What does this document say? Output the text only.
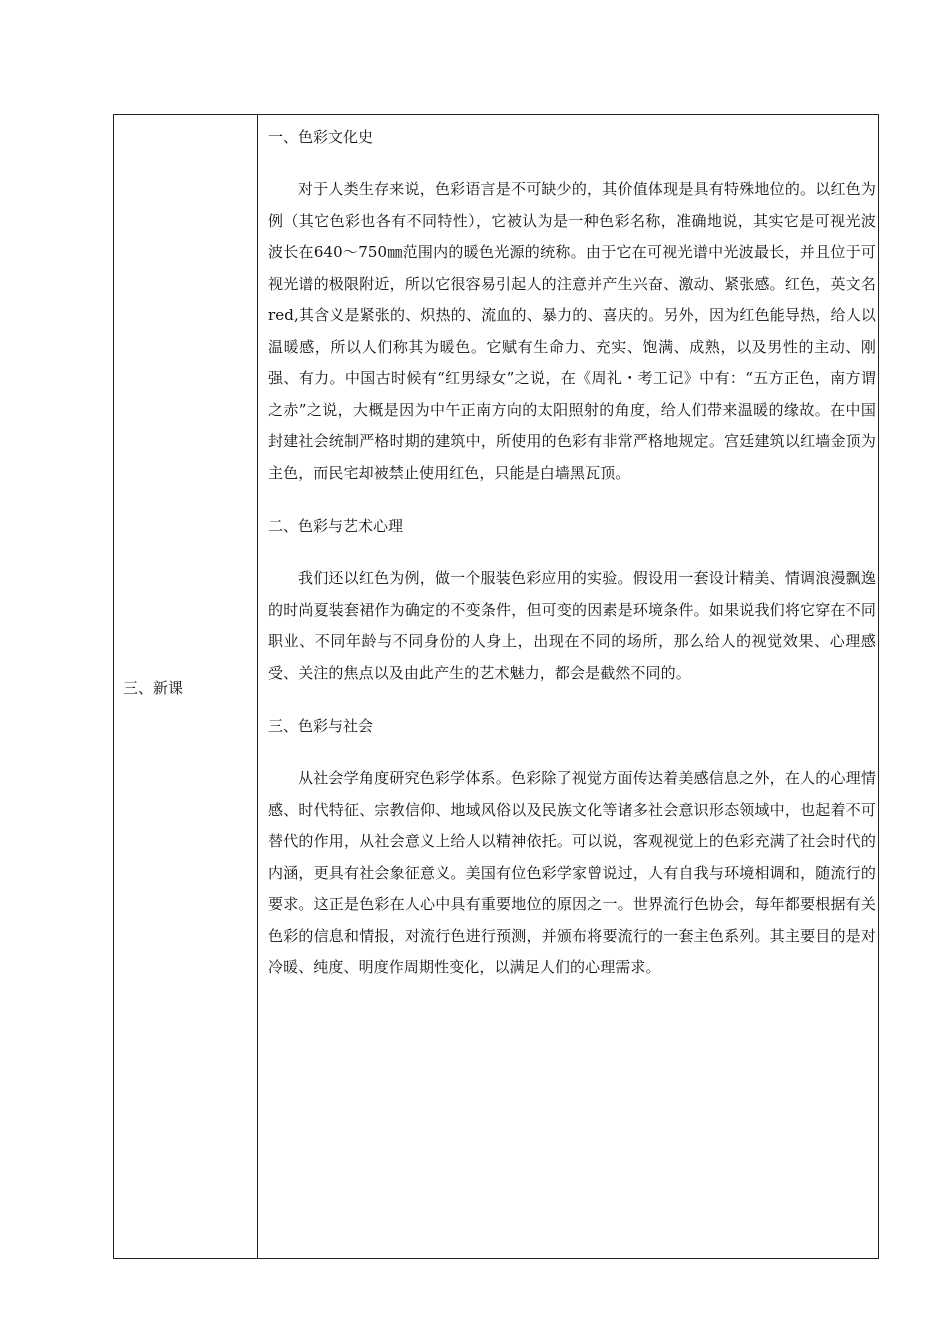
三、新课

一、色彩文化史

对于人类生存来说，色彩语言是不可缺少的，其价值体现是具有特殊地位的。以红色为例（其它色彩也各有不同特性），它被认为是一种色彩名称，准确地说，其实它是可视光波波长在640～750㎜范围内的暖色光源的统称。由于它在可视光谱中光波最长，并且位于可视光谱的极限附近，所以它很容易引起人的注意并产生兴奋、激动、紧张感。红色，英文名red,其含义是紧张的、炽热的、流血的、暴力的、喜庆的。另外，因为红色能导热，给人以温暖感，所以人们称其为暖色。它赋有生命力、充实、饱满、成熟，以及男性的主动、刚强、有力。中国古时候有“红男绿女”之说，在《周礼・考工记》中有：“五方正色，南方谓之赤”之说，大概是因为中午正南方向的太阳照射的角度，给人们带来温暖的缘故。在中国封建社会统制严格时期的建筑中，所使用的色彩有非常严格地规定。宫廷建筑以红墙金顶为主色，而民宅却被禁止使用红色，只能是白墙黑瓦顶。

二、色彩与艺术心理

我们还以红色为例，做一个服装色彩应用的实验。假设用一套设计精美、情调浪漫飘逸的时尚夏装套裙作为确定的不变条件，但可变的因素是环境条件。如果说我们将它穿在不同职业、不同年龄与不同身份的人身上，出现在不同的场所，那么给人的视觉效果、心理感受、关注的焦点以及由此产生的艺术魅力，都会是截然不同的。

三、色彩与社会

从社会学角度研究色彩学体系。色彩除了视觉方面传达着美感信息之外，在人的心理情感、时代特征、宗教信仰、地域风俗以及民族文化等诸多社会意识形态领域中，也起着不可替代的作用，从社会意义上给人以精神依托。可以说，客观视觉上的色彩充满了社会时代的内涵，更具有社会象征意义。美国有位色彩学家曾说过，人有自我与环境相调和，随流行的要求。这正是色彩在人心中具有重要地位的原因之一。世界流行色协会，每年都要根据有关色彩的信息和情报，对流行色进行预测，并颁布将要流行的一套主色系列。其主要目的是对冷暖、纯度、明度作周期性变化，以满足人们的心理需求。
